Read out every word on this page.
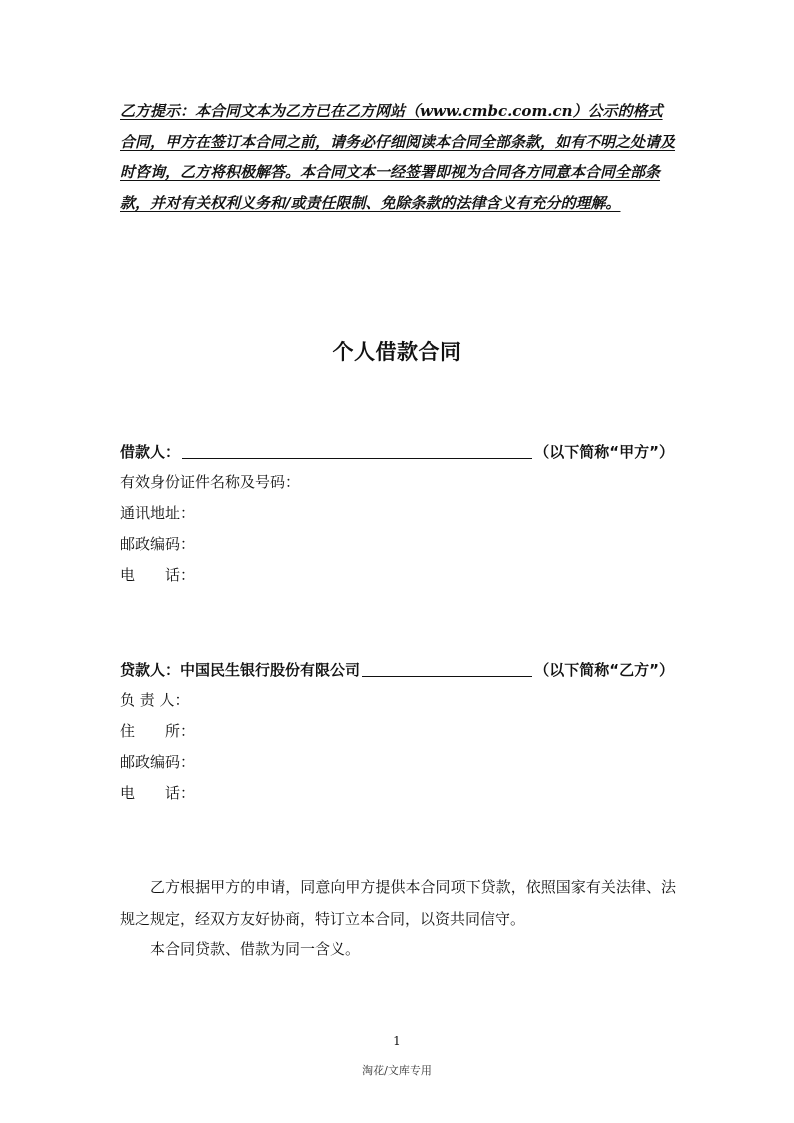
乙方提示：本合同文本为乙方已在乙方网站（www.cmbc.com.cn）公示的格式合同，甲方在签订本合同之前，请务必仔细阅读本合同全部条款，如有不明之处请及时咨询，乙方将积极解答。本合同文本一经签署即视为合同各方同意本合同全部条款，并对有关权利义务和/或责任限制、免除条款的法律含义有充分的理解。
个人借款合同
借款人：	（以下简称“甲方”）
有效身份证件名称及号码：
通讯地址：
邮政编码：
电　　话：
贷款人：中国民生银行股份有限公司	（以下简称“乙方”）
负 责 人：
住　　所：
邮政编码：
电　　话：
乙方根据甲方的申请，同意向甲方提供本合同项下贷款，依照国家有关法律、法规之规定，经双方友好协商，特订立本合同，以资共同信守。
本合同贷款、借款为同一含义。
1
淘花/文库专用
